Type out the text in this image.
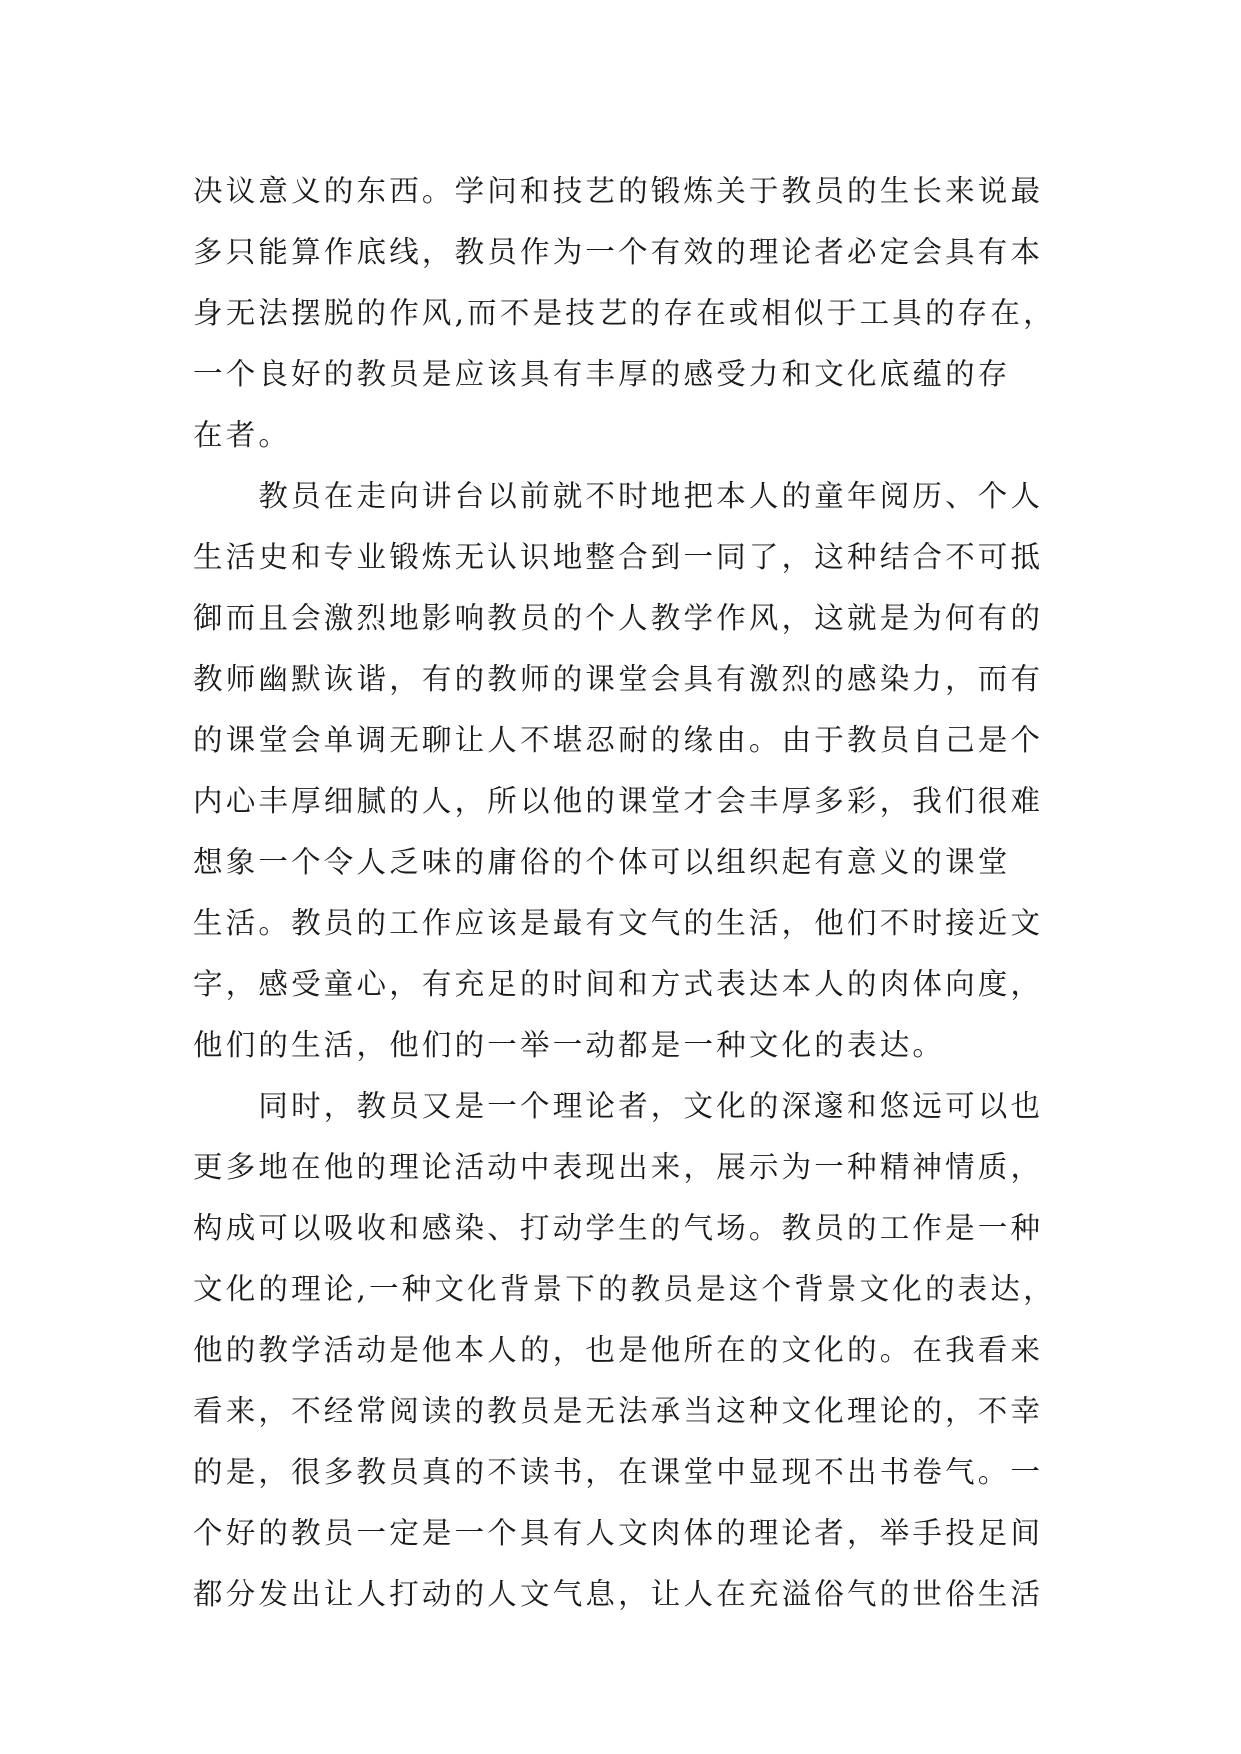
决议意义的东西。学问和技艺的锻炼关于教员的生长来说最
多只能算作底线，教员作为一个有效的理论者必定会具有本
身无法摆脱的作风,而不是技艺的存在或相似于工具的存在，
一个良好的教员是应该具有丰厚的感受力和文化底蕴的存
在者。
　　教员在走向讲台以前就不时地把本人的童年阅历、个人
生活史和专业锻炼无认识地整合到一同了，这种结合不可抵
御而且会激烈地影响教员的个人教学作风，这就是为何有的
教师幽默诙谐，有的教师的课堂会具有激烈的感染力，而有
的课堂会单调无聊让人不堪忍耐的缘由。由于教员自己是个
内心丰厚细腻的人，所以他的课堂才会丰厚多彩，我们很难
想象一个令人乏味的庸俗的个体可以组织起有意义的课堂
生活。教员的工作应该是最有文气的生活，他们不时接近文
字，感受童心，有充足的时间和方式表达本人的肉体向度，
他们的生活，他们的一举一动都是一种文化的表达。
　　同时，教员又是一个理论者，文化的深邃和悠远可以也
更多地在他的理论活动中表现出来，展示为一种精神情质，
构成可以吸收和感染、打动学生的气场。教员的工作是一种
文化的理论,一种文化背景下的教员是这个背景文化的表达，
他的教学活动是他本人的，也是他所在的文化的。在我看来
看来，不经常阅读的教员是无法承当这种文化理论的，不幸
的是，很多教员真的不读书，在课堂中显现不出书卷气。一
个好的教员一定是一个具有人文肉体的理论者，举手投足间
都分发出让人打动的人文气息，让人在充溢俗气的世俗生活
